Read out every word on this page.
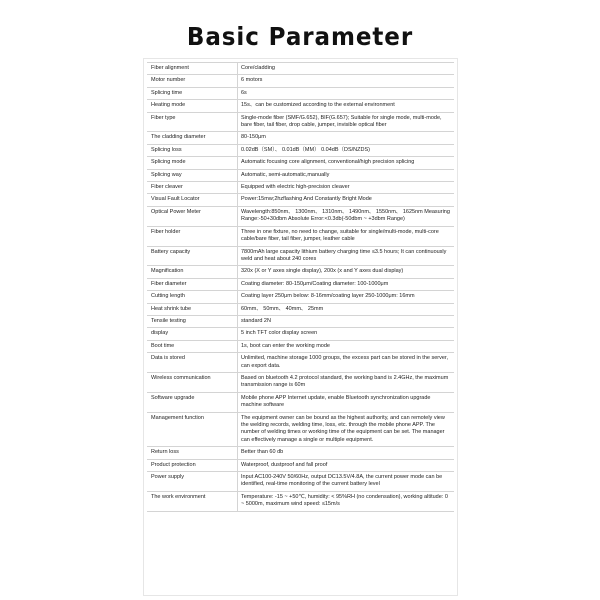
Basic Parameter
Fiber alignment	Core/cladding
Motor number	6 motors
Splicing time	6s
Heating mode	15s、can be customized according to the external environment
Fiber type	Single-mode fiber (SMF/G.652), BIF(G.657); Suitable for single mode, multi-mode, bare fiber, tail fiber, drop cable, jumper, invisible optical fiber
The cladding diameter	80-150μm
Splicing loss	0.02dB（SM）、 0.01dB（MM） 0.04dB（DS/NZDS)
Splicing mode	Automatic focusing core alignment, conventional/high precision splicing
Splicing way	Automatic, semi-automatic,manually
Fiber cleaver	Equipped with electric high-precision cleaver
Visual Fault Locator	Power:15mw;2hzflashing And Constantly Bright Mode
Optical Power Meter	Wavelength:850nm、 1300nm、 1310nm、 1490nm、 1550nm、 1625nm Measuring Range:-50+30dbm Absolute Error:<0.3db(-50dbm ~ +3dbm Range)
Fiber holder	Three in one fixture, no need to change, suitable for single/multi-mode, multi-core cable/bare fiber, tail fiber, jumper, leather cable
Battery capacity	7800mAh large capacity lithium battery charging time ≤3.5 hours; It can continuously weld and heat about 240 cores
Magnification	320x (X or Y axes single display), 200x (x and Y axes dual display)
Fiber diameter	Coating diameter: 80-150μm/Coating diameter: 100-1000μm
Cutting length	Coating layer 250μm below: 8-16mm/coating layer 250-1000μm: 16mm
Heat shrink tube	60mm、 50mm、 40mm、 25mm
Tensile testing	standard 2N
display	5 inch TFT color display screen
Boot time	1s, boot can enter the working mode
Data is stored	Unlimited, machine storage 1000 groups, the excess part can be stored in the server, can export data.
Wireless communication	Based on bluetooth 4.2 protocol standard, the working band is 2.4GHz, the maximum transmission range is 60m
Software upgrade	Mobile phone APP Internet update, enable Bluetooth synchronization upgrade machine software
Management function	The equipment owner can be bound as the highest authority, and can remotely view the welding records, welding time, loss, etc. through the mobile phone APP. The number of welding times or working time of the equipment can be set. The manager can effectively manage a single or multiple equipment.
Return loss	Better than 60 db
Product protection	Waterproof, dustproof and fall proof
Power supply	Input AC100-240V 50/60Hz, output DC13.5V/4.8A, the current power mode can be identified, real-time monitoring of the current battery level
The work environment	Temperature: -15 ~ +50℃, humidity: < 95%RH (no condensation), working altitude: 0 ~ 5000m, maximum wind speed: ≤15m/s
